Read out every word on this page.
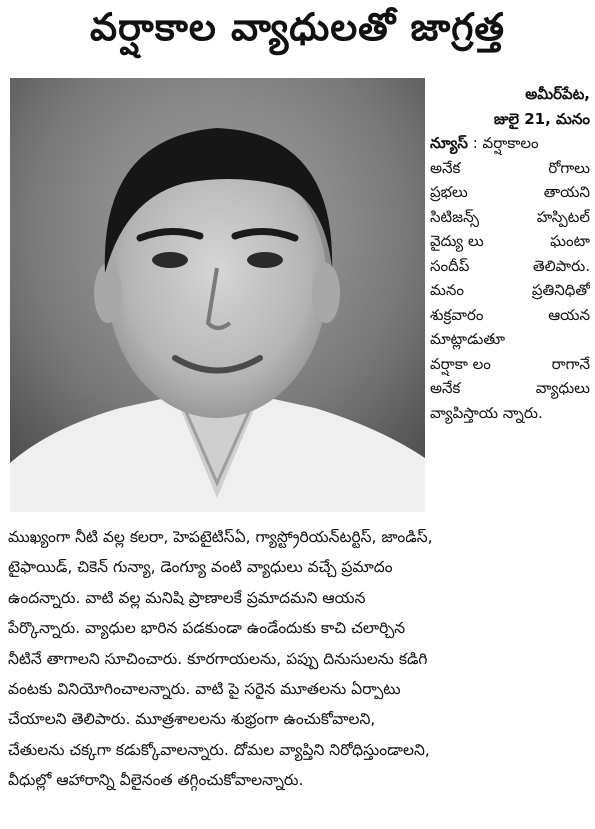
వర్షాకాల వ్యాధులతో జాగ్రత్త
అమీర్‌పేట,
జులై 21, మనం
న్యూస్ : వర్షాకాలం
అనేక	రోగాలు
ప్రభలు	తాయని
సిటిజన్స్	హస్పిటల్
వైద్యు లు	ఘంటా
సందీప్	తెలిపారు.
మనం	ప్రతినిధితో
శుక్రవారం	ఆయన
మాట్లాడుతూ
వర్షాకా లం	రాగానే
అనేక	వ్యాధులు
వ్యాపిస్తాయ న్నారు.
ముఖ్యంగా నీటి వల్ల కలరా, హెపటైటిస్‌ఏ, గ్యాస్ట్రోరియన్‌టర్టిస్, జాండిస్,
టైఫాయిడ్, చికెన్ గున్యా, డెంగ్యూ వంటి వ్యాధులు వచ్చే ప్రమాదం
ఉందన్నారు. వాటి వల్ల మనిషి ప్రాణాలకే ప్రమాదమని ఆయన
పేర్కొన్నారు. వ్యాధుల భారిన పడకుండా ఉండేందుకు కాచి చలార్చిన
నీటినే తాగాలని సూచించారు. కూరగాయలను, పప్పు దినుసులను కడిగి
వంటకు వినియోగించాలన్నారు. వాటి పై సరైన మూతలను ఏర్పాటు
చేయాలని తెలిపారు. మూత్రశాలలను శుభ్రంగా ఉంచుకోవాలని,
చేతులను చక్కగా కడుక్కోవాలన్నారు. దోమల వ్యాప్తిని నిరోధిస్తుండాలని,
వీధుల్లో ఆహారాన్ని వీలైనంత తగ్గించుకోవాలన్నారు.
